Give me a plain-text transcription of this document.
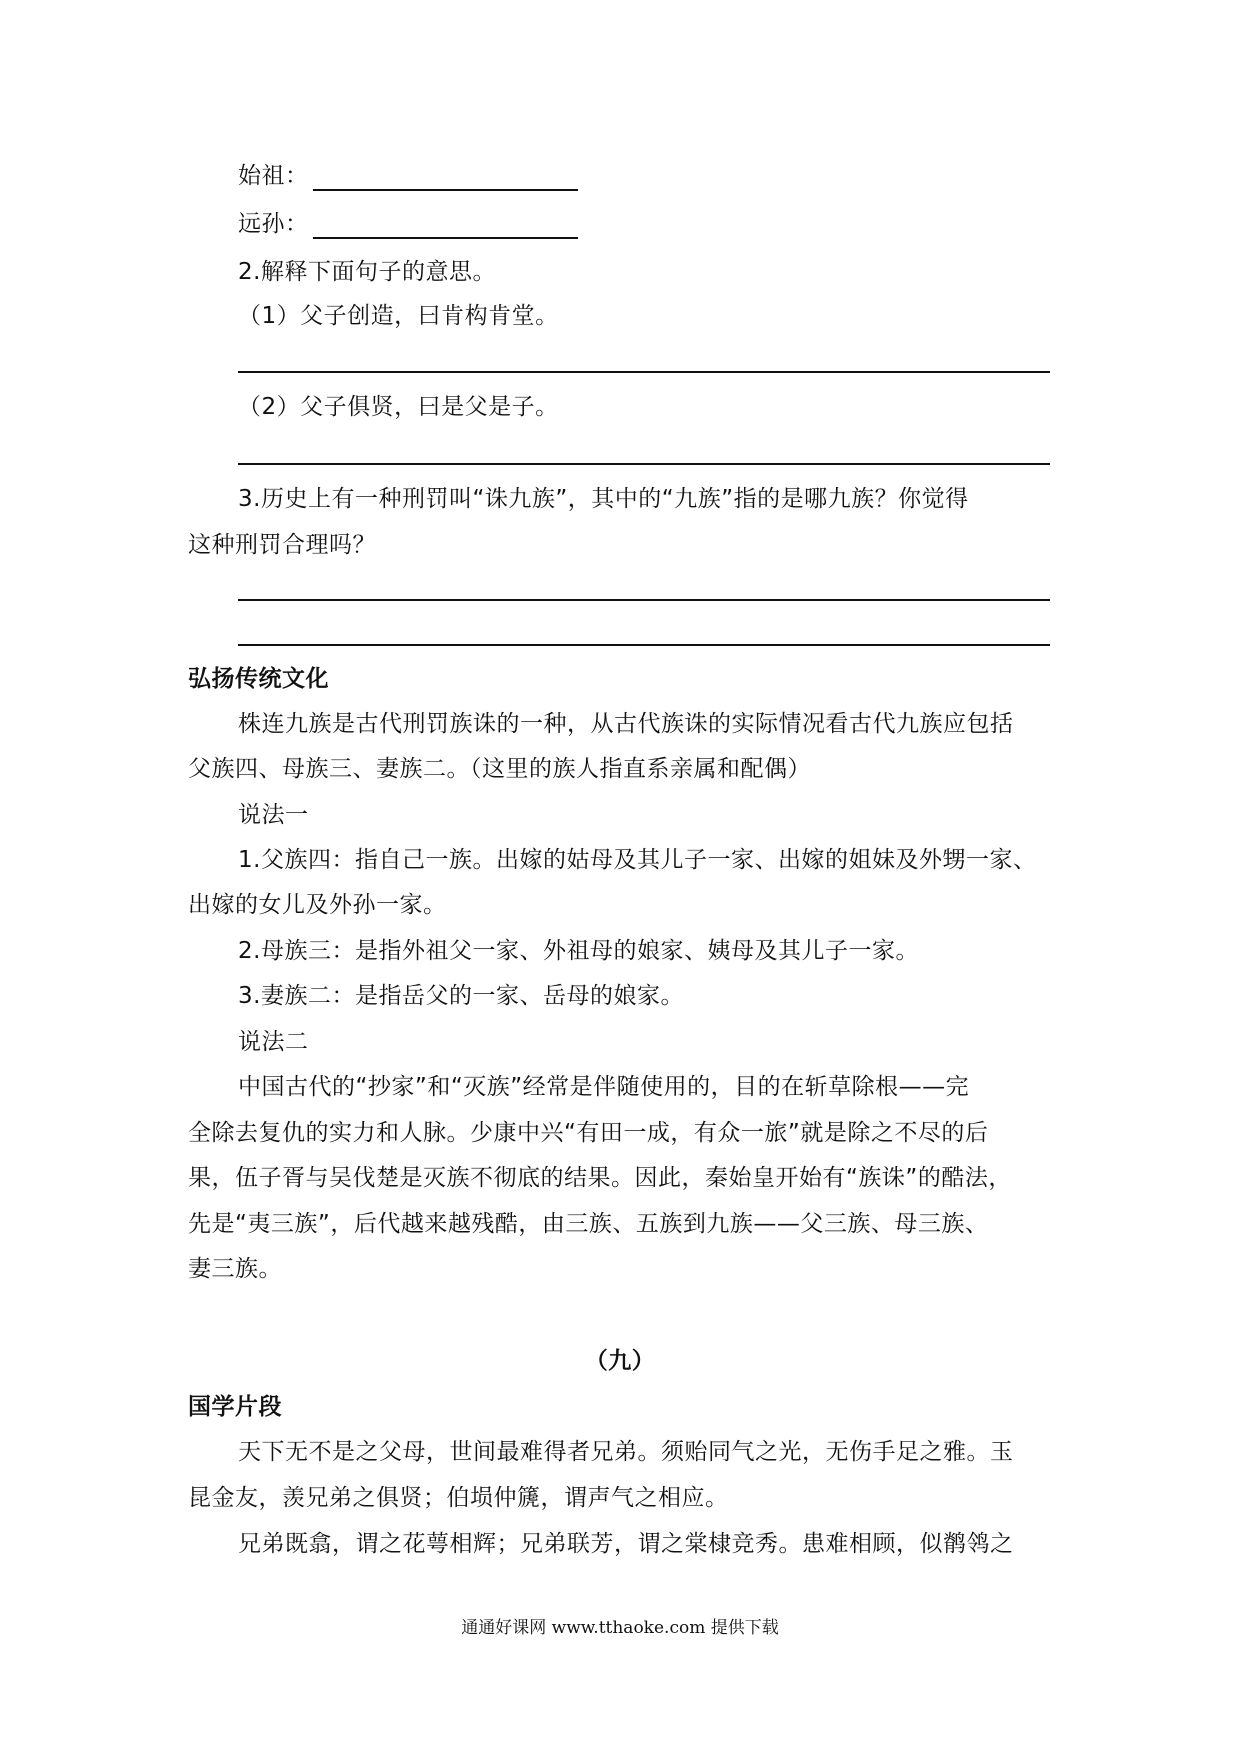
始祖：
远孙：
2.解释下面句子的意思。
（1）父子创造，曰肯构肯堂。
（2）父子俱贤，曰是父是子。
3.历史上有一种刑罚叫“诛九族”，其中的“九族”指的是哪九族？你觉得
这种刑罚合理吗？
弘扬传统文化
株连九族是古代刑罚族诛的一种，从古代族诛的实际情况看古代九族应包括
父族四、母族三、妻族二。（这里的族人指直系亲属和配偶）
说法一
1.父族四：指自己一族。出嫁的姑母及其儿子一家、出嫁的姐妹及外甥一家、
出嫁的女儿及外孙一家。
2.母族三：是指外祖父一家、外祖母的娘家、姨母及其儿子一家。
3.妻族二：是指岳父的一家、岳母的娘家。
说法二
中国古代的“抄家”和“灭族”经常是伴随使用的，目的在斩草除根——完
全除去复仇的实力和人脉。少康中兴“有田一成，有众一旅”就是除之不尽的后
果，伍子胥与吴伐楚是灭族不彻底的结果。因此，秦始皇开始有“族诛”的酷法，
先是“夷三族”，后代越来越残酷，由三族、五族到九族——父三族、母三族、
妻三族。
（九）
国学片段
天下无不是之父母，世间最难得者兄弟。须贻同气之光，无伤手足之雅。玉
昆金友，羡兄弟之俱贤；伯埙仲篪，谓声气之相应。
兄弟既翕，谓之花萼相辉；兄弟联芳，谓之棠棣竞秀。患难相顾，似鹡鸰之
通通好课网 www.tthaoke.com 提供下载
